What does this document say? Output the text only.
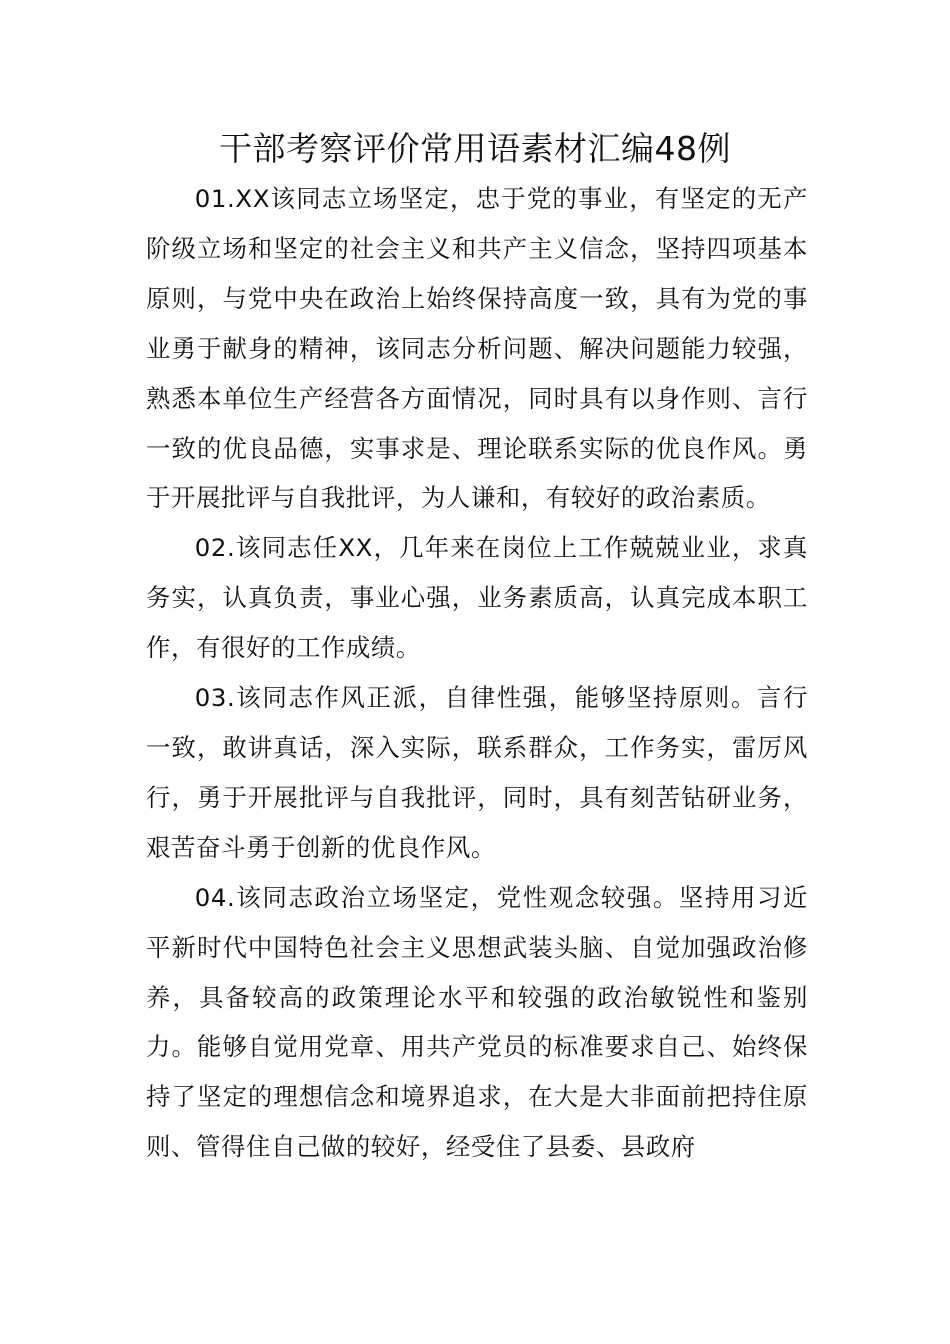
干部考察评价常用语素材汇编48例

01.XX该同志立场坚定，忠于党的事业，有坚定的无产阶级立场和坚定的社会主义和共产主义信念，坚持四项基本原则，与党中央在政治上始终保持高度一致，具有为党的事业勇于献身的精神，该同志分析问题、解决问题能力较强，熟悉本单位生产经营各方面情况，同时具有以身作则、言行一致的优良品德，实事求是、理论联系实际的优良作风。勇于开展批评与自我批评，为人谦和，有较好的政治素质。

02.该同志任XX，几年来在岗位上工作兢兢业业，求真务实，认真负责，事业心强，业务素质高，认真完成本职工作，有很好的工作成绩。

03.该同志作风正派，自律性强，能够坚持原则。言行一致，敢讲真话，深入实际，联系群众，工作务实，雷厉风行，勇于开展批评与自我批评，同时，具有刻苦钻研业务，艰苦奋斗勇于创新的优良作风。

04.该同志政治立场坚定，党性观念较强。坚持用习近平新时代中国特色社会主义思想武装头脑、自觉加强政治修养，具备较高的政策理论水平和较强的政治敏锐性和鉴别力。能够自觉用党章、用共产党员的标准要求自己、始终保持了坚定的理想信念和境界追求，在大是大非面前把持住原则、管得住自己做的较好，经受住了县委、县政府
